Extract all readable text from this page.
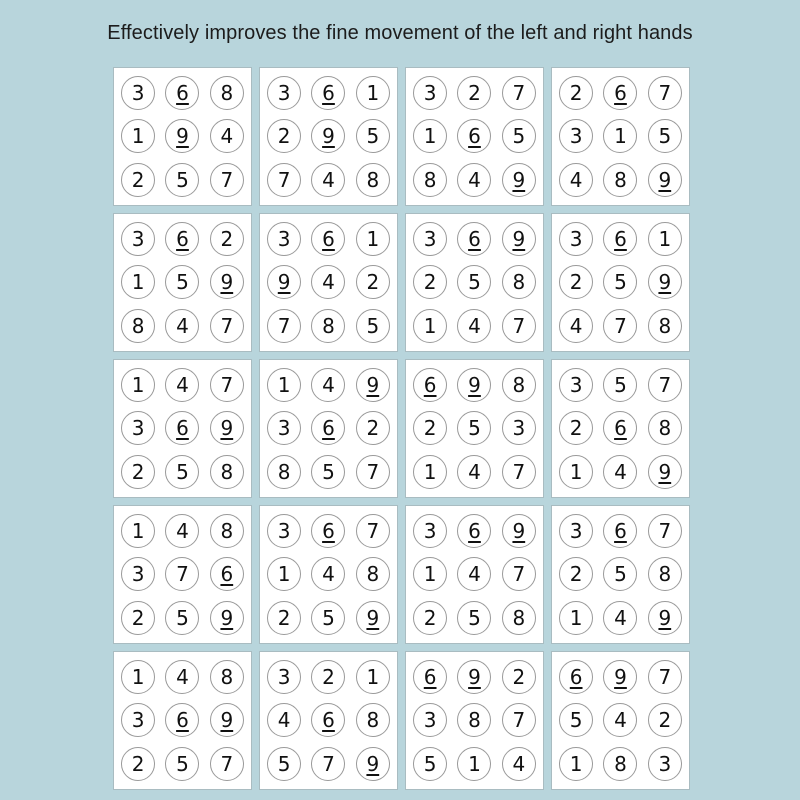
Effectively improves the fine movement of the left and right hands
3 6 8
1 9 4
2 5 7
3 6 1
2 9 5
7 4 8
3 2 7
1 6 5
8 4 9
2 6 7
3 1 5
4 8 9
3 6 2
1 5 9
8 4 7
3 6 1
9 4 2
7 8 5
3 6 9
2 5 8
1 4 7
3 6 1
2 5 9
4 7 8
1 4 7
3 6 9
2 5 8
1 4 9
3 6 2
8 5 7
6 9 8
2 5 3
1 4 7
3 5 7
2 6 8
1 4 9
1 4 8
3 7 6
2 5 9
3 6 7
1 4 8
2 5 9
3 6 9
1 4 7
2 5 8
3 6 7
2 5 8
1 4 9
1 4 8
3 6 9
2 5 7
3 2 1
4 6 8
5 7 9
6 9 2
3 8 7
5 1 4
6 9 7
5 4 2
1 8 3
